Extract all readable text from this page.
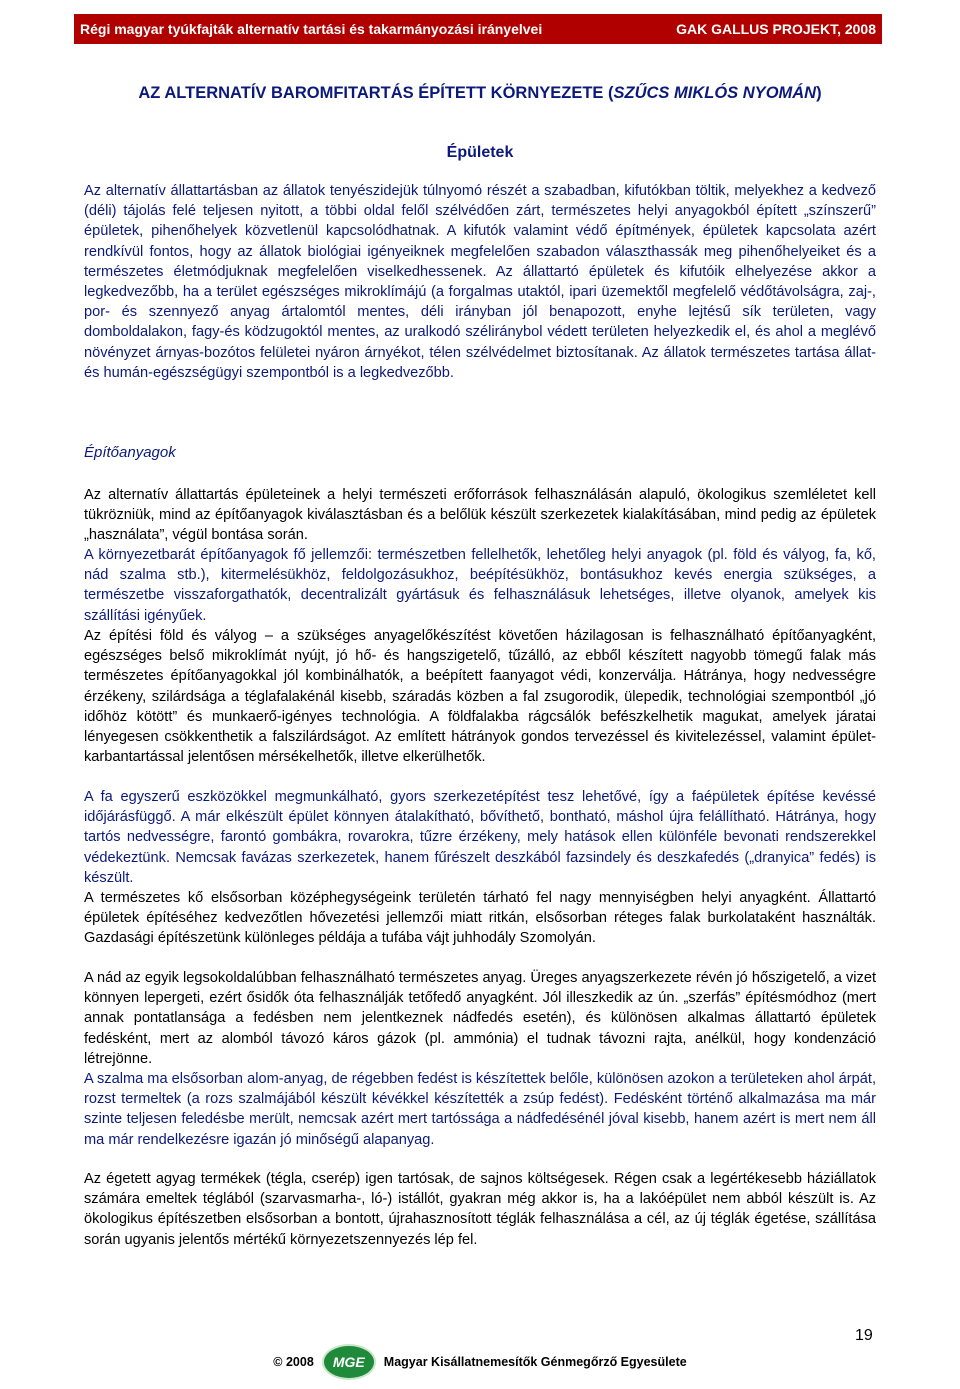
Régi magyar tyúkfajták alternatív tartási és takarmányozási irányelvei	GAK GALLUS PROJEKT, 2008
AZ ALTERNATÍV BAROMFITARTÁS ÉPÍTETT KÖRNYEZETE (SZŰCS MIKLÓS NYOMÁN)
Épületek

Az alternatív állattartásban az állatok tenyészidejük túlnyomó részét a szabadban, kifutókban töltik, melyekhez a kedvező (déli) tájolás felé teljesen nyitott, a többi oldal felől szélvédően zárt, természetes helyi anyagokból épített „színszerű” épületek, pihenőhelyek közvetlenül kapcsolódhatnak. A kifutók valamint védő építmények, épületek kapcsolata azért rendkívül fontos, hogy az állatok biológiai igényeiknek megfelelően szabadon választhassák meg pihenőhelyeiket és a természetes életmódjuknak megfelelően viselkedhessenek. Az állattartó épületek és kifutóik elhelyezése akkor a legkedvezőbb, ha a terület egészséges mikroklímájú (a forgalmas utaktól, ipari üzemektől megfelelő védőtávolságra, zaj-, por- és szennyező anyag ártalomtól mentes, déli irányban jól benapozott, enyhe lejtésű sík területen, vagy domboldalakon, fagy-és ködzugoktól mentes, az uralkodó széliránybol védett területen helyezkedik el, és ahol a meglévő növényzet árnyas-bozótos felületei nyáron árnyékot, télen szélvédelmet biztosítanak. Az állatok természetes tartása állat- és humán-egészségügyi szempontból is a legkedvezőbb.

Építőanyagok

Az alternatív állattartás épületeinek a helyi természeti erőforrások felhasználásán alapuló, ökologikus szemléletet kell tükrözniük, mind az építőanyagok kiválasztásban és a belőlük készült szerkezetek kialakításában, mind pedig az épületek „használata”, végül bontása során.

A környezetbarát építőanyagok fő jellemzői: természetben fellelhetők, lehetőleg helyi anyagok (pl. föld és vályog, fa, kő, nád szalma stb.), kitermelésükhöz, feldolgozásukhoz, beépítésükhöz, bontásukhoz kevés energia szükséges, a természetbe visszaforgathatók, decentralizált gyártásuk és felhasználásuk lehetséges, illetve olyanok, amelyek kis szállítási igényűek.

Az építési föld és vályog – a szükséges anyagelőkészítést követően házilagosan is felhasználható építőanyagként, egészséges belső mikroklímát nyújt, jó hő- és hangszigetelő, tűzálló, az ebből készített nagyobb tömegű falak más természetes építőanyagokkal jól kombinálhatók, a beépített faanyagot védi, konzerválja. Hátránya, hogy nedvességre érzékeny, szilárdsága a téglafalakénál kisebb, száradás közben a fal zsugorodik, ülepedik, technológiai szempontból „jó időhöz kötött” és munkaerő-igényes technológia. A földfalakba rágcsálók befészkelhetik magukat, amelyek járatai lényegesen csökkenthetik a falszilárdságot. Az említett hátrányok gondos tervezéssel és kivitelezéssel, valamint épület-karbantartással jelentősen mérsékelhetők, illetve elkerülhetők.

A fa egyszerű eszközökkel megmunkálható, gyors szerkezetépítést tesz lehetővé, így a faépületek építése kevéssé időjárásfüggő. A már elkészült épület könnyen átalakítható, bővíthető, bontható, máshol újra felállítható. Hátránya, hogy tartós nedvességre, farontó gombákra, rovarokra, tűzre érzékeny, mely hatások ellen különféle bevonati rendszerekkel védekeztünk. Nemcsak favázas szerkezetek, hanem fűrészelt deszkából fazsindely és deszkafedés („dranyica” fedés) is készült.

A természetes kő elsősorban középhegységeink területén tárható fel nagy mennyiségben helyi anyagként. Állattartó épületek építéséhez kedvezőtlen hővezetési jellemzői miatt ritkán, elsősorban réteges falak burkolataként használták. Gazdasági építészetünk különleges példája a tufába vájt juhhodály Szomolyán.

A nád az egyik legsokoldalúbban felhasználható természetes anyag. Üreges anyagszerkezete révén jó hőszigetelő, a vizet könnyen lepergeti, ezért ősidők óta felhasználják tetőfedő anyagként. Jól illeszkedik az ún. „szerfás” építésmódhoz (mert annak pontatlansága a fedésben nem jelentkeznek nádfedés esetén), és különösen alkalmas állattartó épületek fedésként, mert az alomból távozó káros gázok (pl. ammónia) el tudnak távozni rajta, anélkül, hogy kondenzáció létrejönne.

A szalma ma elsősorban alom-anyag, de régebben fedést is készítettek belőle, különösen azokon a területeken ahol árpát, rozst termeltek (a rozs szalmájából készült kévékkel készítették a zsúp fedést). Fedésként történő alkalmazása ma már szinte teljesen feledésbe merült, nemcsak azért mert tartóssága a nádfedésénél jóval kisebb, hanem azért is mert nem áll ma már rendelkezésre igazán jó minőségű alapanyag.

Az égetett agyag termékek (tégla, cserép) igen tartósak, de sajnos költségesek. Régen csak a legértékesebb háziállatok számára emeltek téglából (szarvasmarha-, ló-) istállót, gyakran még akkor is, ha a lakóépület nem abból készült is. Az ökologikus építészetben elsősorban a bontott, újrahasznosított téglák felhasználása a cél, az új téglák égetése, szállítása során ugyanis jelentős mértékű környezetszennyezés lép fel.

19
© 2008	MGE	Magyar Kisállatnemesítők Génmegőrző Egyesülete
